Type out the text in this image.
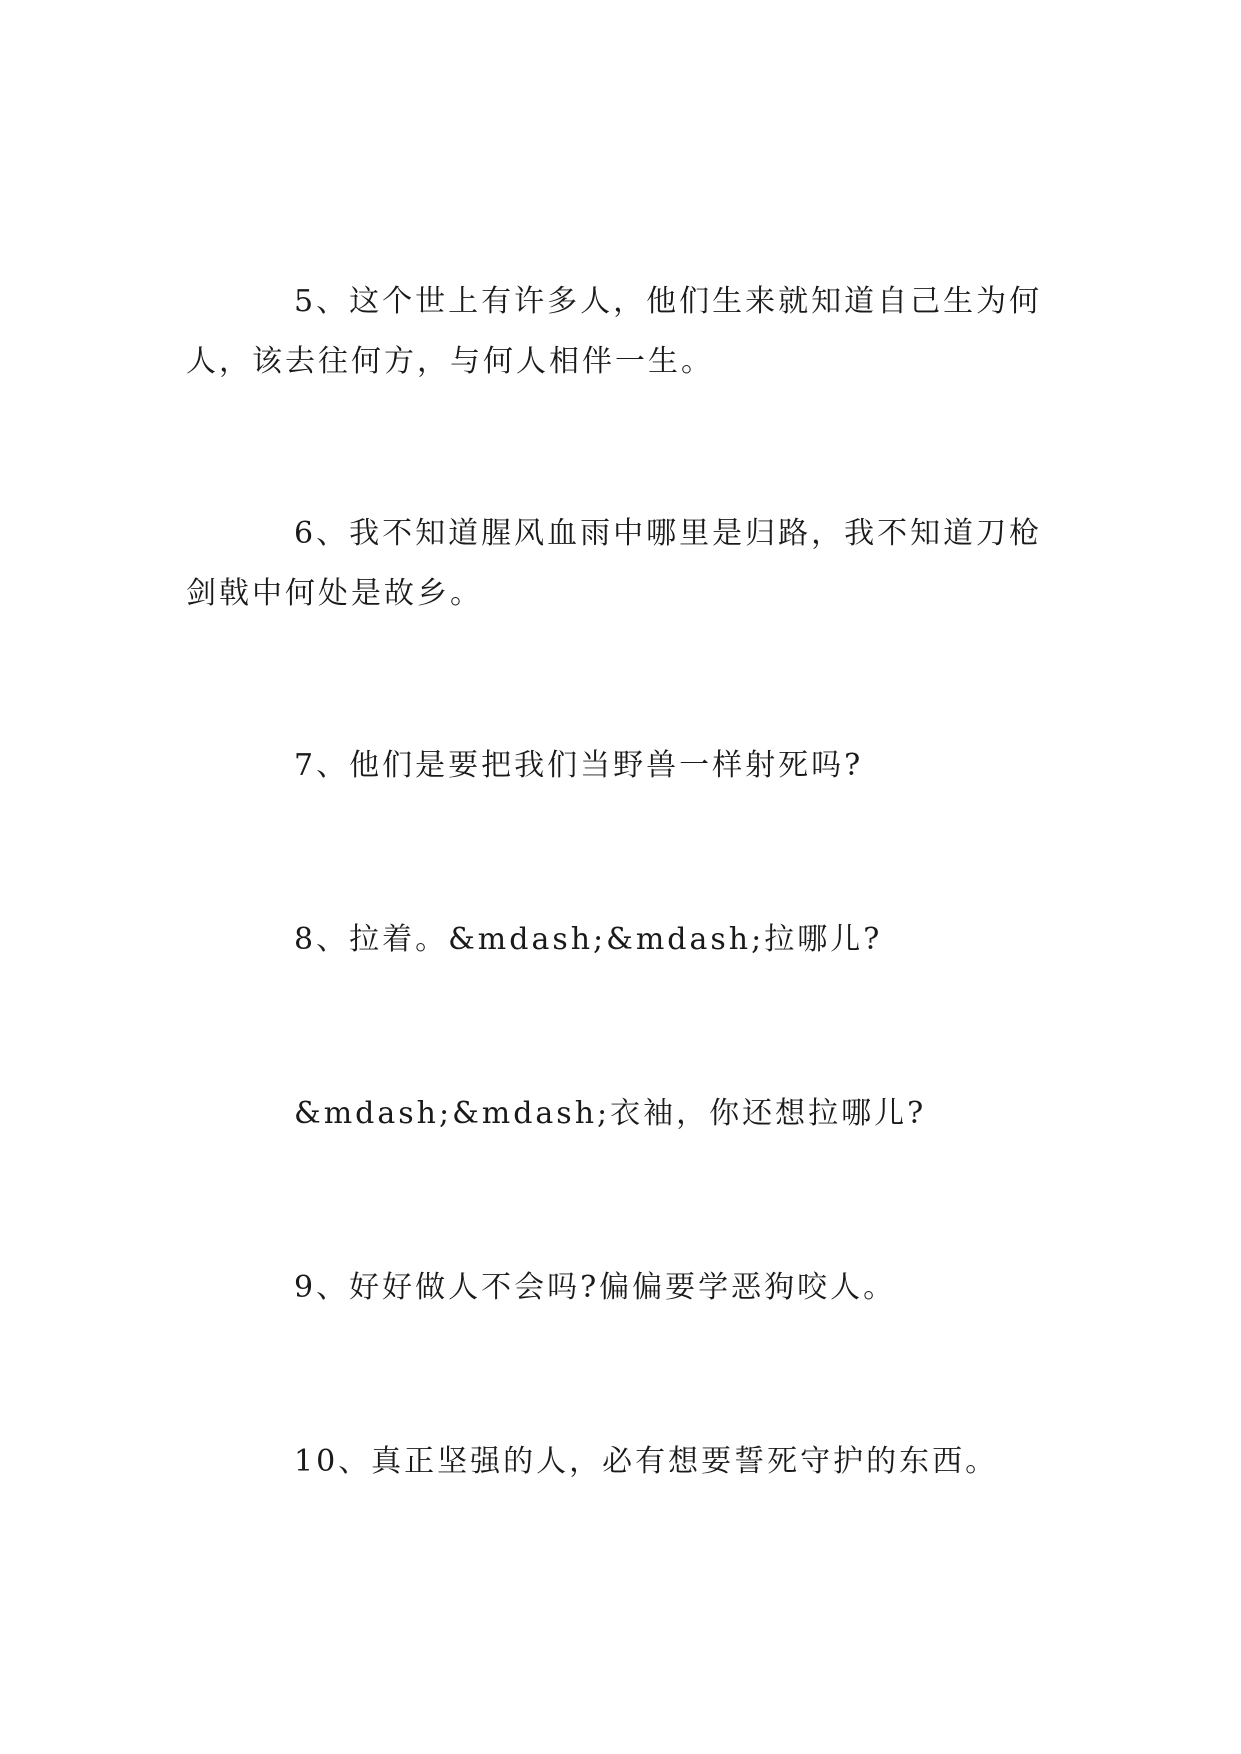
5、这个世上有许多人，他们生来就知道自己生为何人，该去往何方，与何人相伴一生。

6、我不知道腥风血雨中哪里是归路，我不知道刀枪剑戟中何处是故乡。

7、他们是要把我们当野兽一样射死吗?

8、拉着。&mdash;&mdash;拉哪儿?

&mdash;&mdash;衣袖，你还想拉哪儿?

9、好好做人不会吗?偏偏要学恶狗咬人。

10、真正坚强的人，必有想要誓死守护的东西。
